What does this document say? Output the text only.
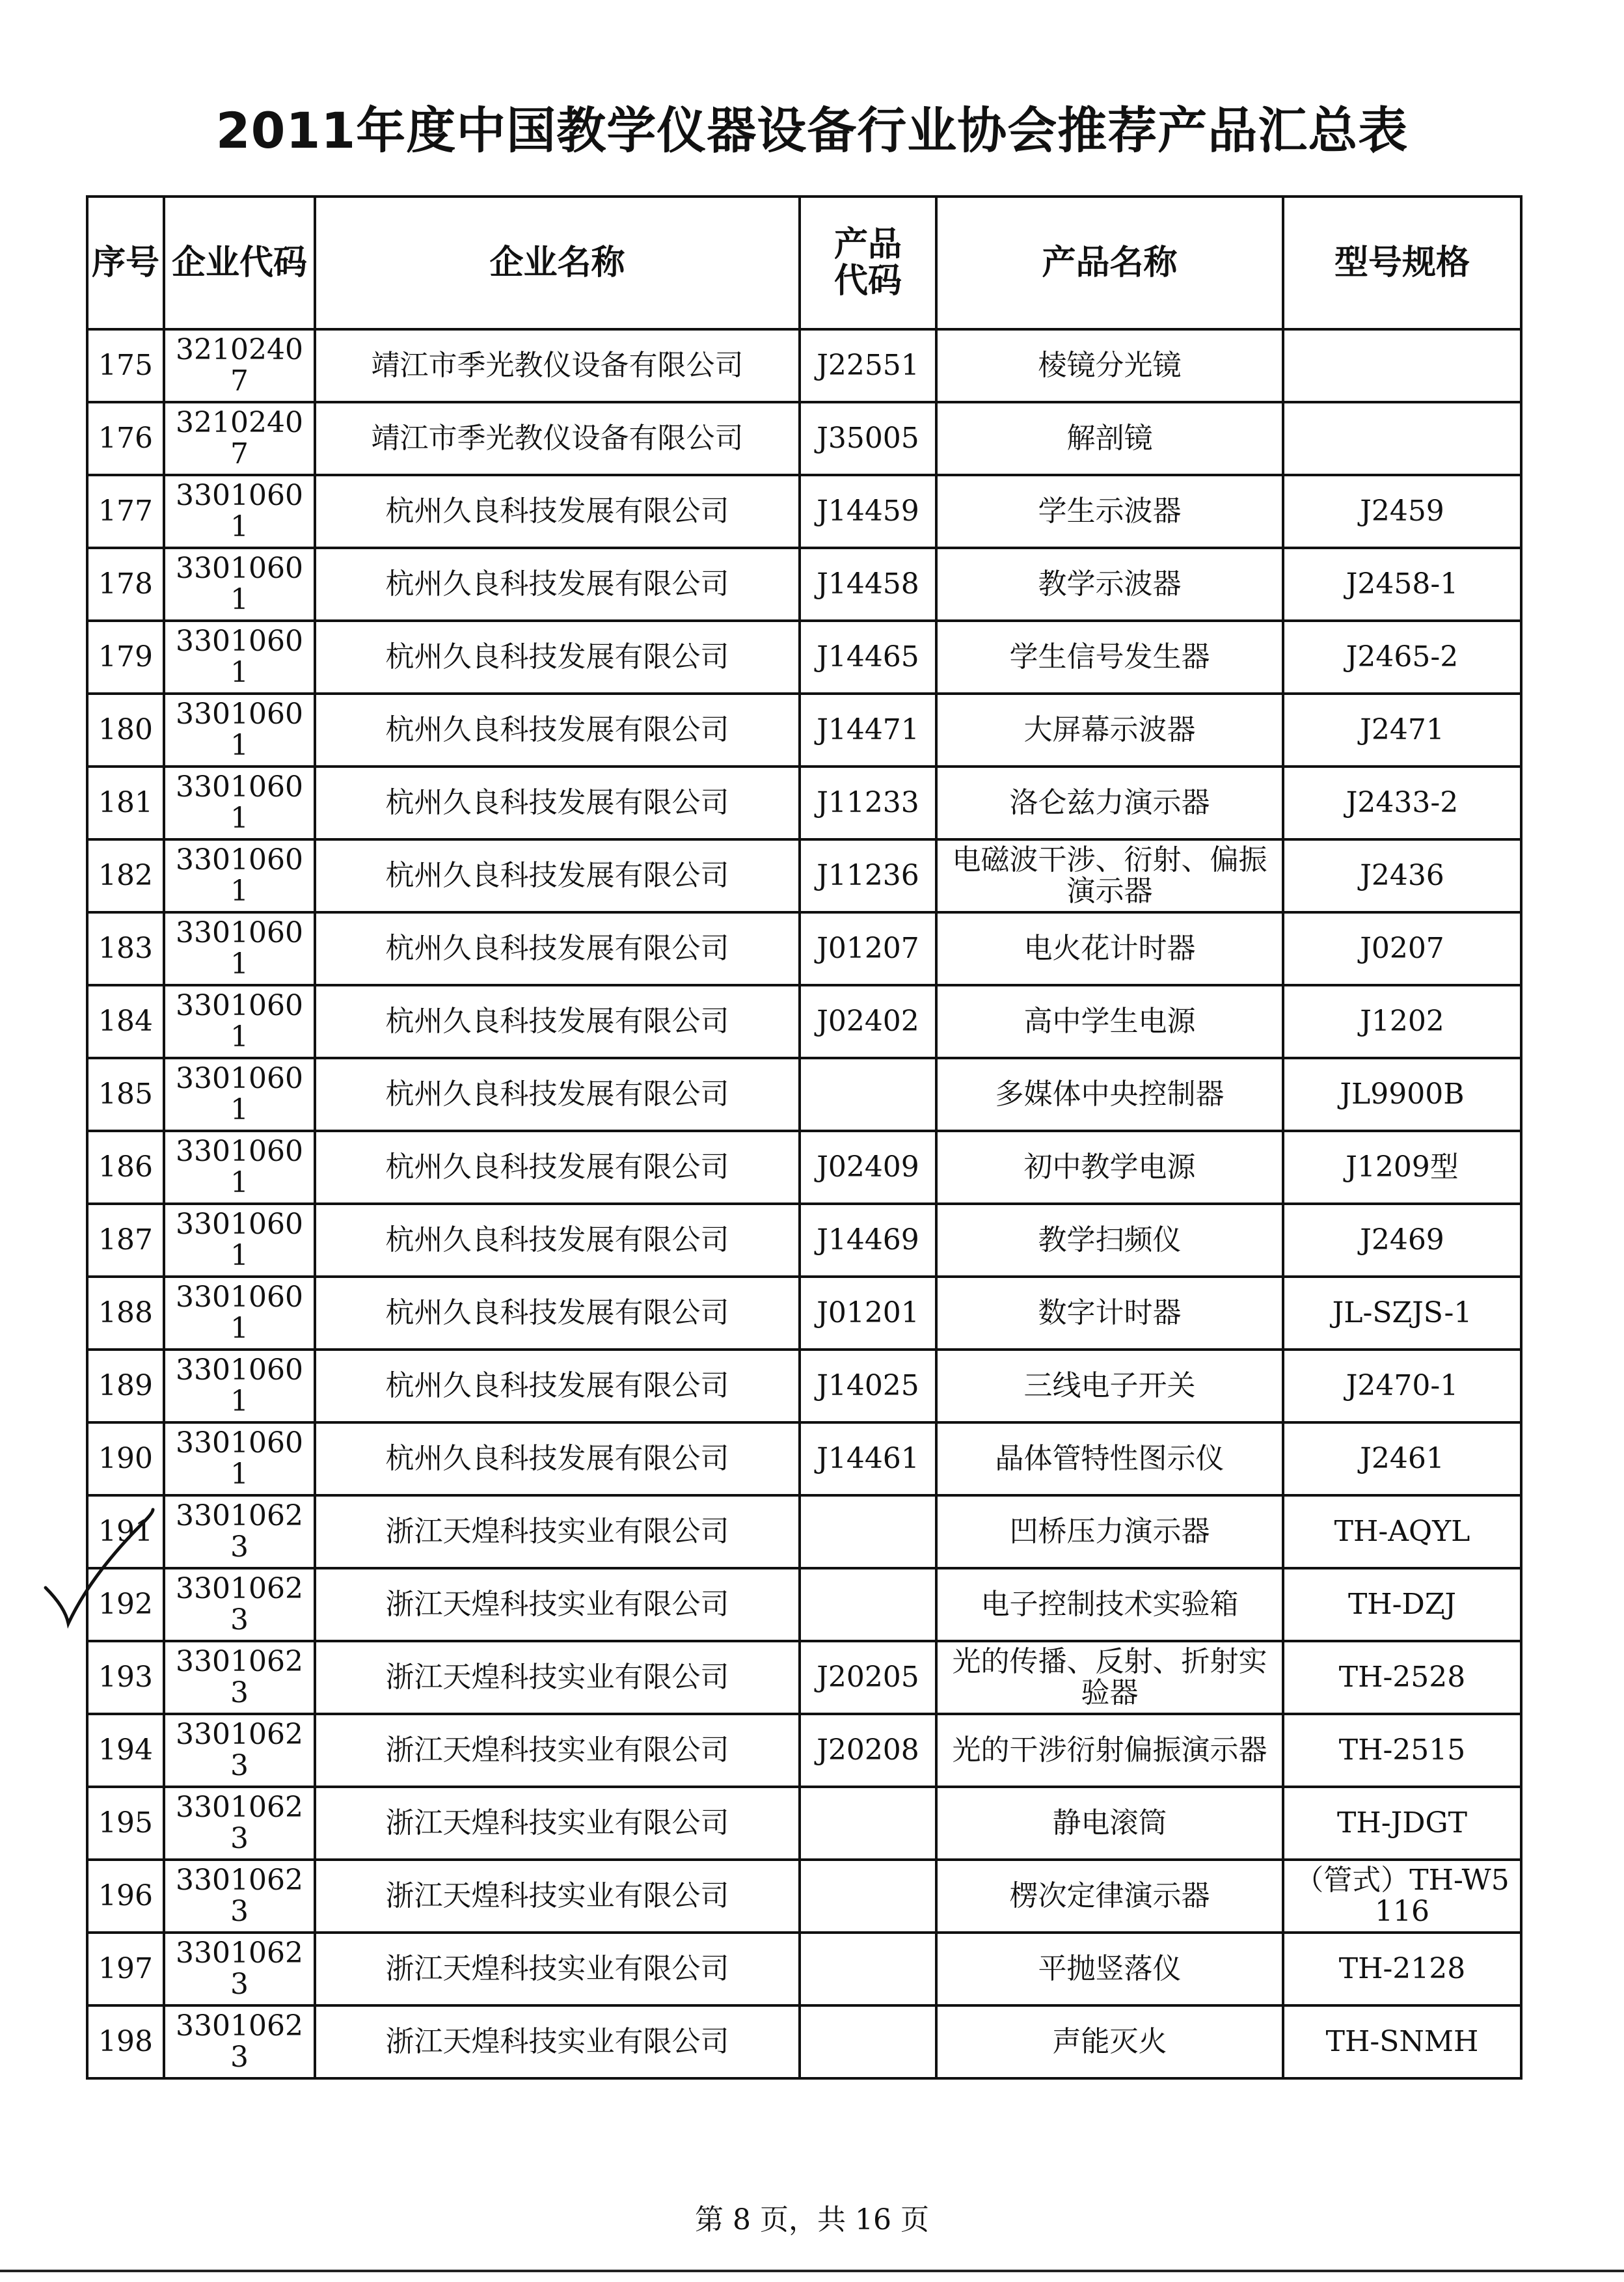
2011年度中国教学仪器设备行业协会推荐产品汇总表
序号	企业代码	企业名称	产品代码	产品名称	型号规格
175	32102407	靖江市季光教仪设备有限公司	J22551	棱镜分光镜	
176	32102407	靖江市季光教仪设备有限公司	J35005	解剖镜	
177	33010601	杭州久良科技发展有限公司	J14459	学生示波器	J2459
178	33010601	杭州久良科技发展有限公司	J14458	教学示波器	J2458-1
179	33010601	杭州久良科技发展有限公司	J14465	学生信号发生器	J2465-2
180	33010601	杭州久良科技发展有限公司	J14471	大屏幕示波器	J2471
181	33010601	杭州久良科技发展有限公司	J11233	洛仑兹力演示器	J2433-2
182	33010601	杭州久良科技发展有限公司	J11236	电磁波干涉、衍射、偏振演示器	J2436
183	33010601	杭州久良科技发展有限公司	J01207	电火花计时器	J0207
184	33010601	杭州久良科技发展有限公司	J02402	高中学生电源	J1202
185	33010601	杭州久良科技发展有限公司		多媒体中央控制器	JL9900B
186	33010601	杭州久良科技发展有限公司	J02409	初中教学电源	J1209型
187	33010601	杭州久良科技发展有限公司	J14469	教学扫频仪	J2469
188	33010601	杭州久良科技发展有限公司	J01201	数字计时器	JL-SZJS-1
189	33010601	杭州久良科技发展有限公司	J14025	三线电子开关	J2470-1
190	33010601	杭州久良科技发展有限公司	J14461	晶体管特性图示仪	J2461
191	33010623	浙江天煌科技实业有限公司		凹桥压力演示器	TH-AQYL
192	33010623	浙江天煌科技实业有限公司		电子控制技术实验箱	TH-DZJ
193	33010623	浙江天煌科技实业有限公司	J20205	光的传播、反射、折射实验器	TH-2528
194	33010623	浙江天煌科技实业有限公司	J20208	光的干涉衍射偏振演示器	TH-2515
195	33010623	浙江天煌科技实业有限公司		静电滚筒	TH-JDGT
196	33010623	浙江天煌科技实业有限公司		楞次定律演示器	（管式）TH-W5116
197	33010623	浙江天煌科技实业有限公司		平抛竖落仪	TH-2128
198	33010623	浙江天煌科技实业有限公司		声能灭火	TH-SNMH
第 8 页，共 16 页
